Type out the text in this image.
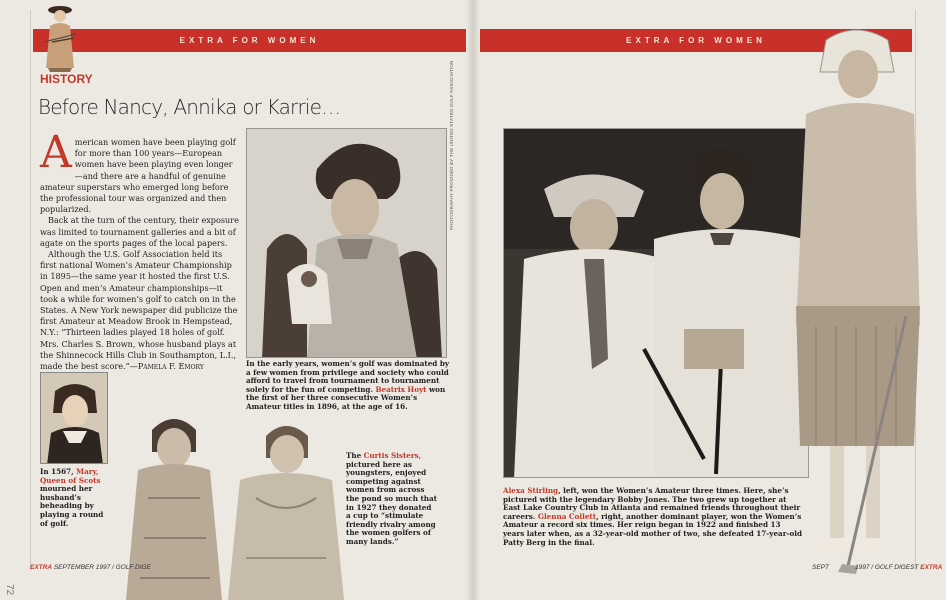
EXTRA FOR WOMEN	EXTRA FOR WOMEN
HISTORY
Before Nancy, Annika or Karrie…

American women have been playing golf for more than 100 years—European women have been playing even longer—and there are a handful of genuine amateur superstars who emerged long before the professional tour was organized and then popularized.

Back at the turn of the century, their exposure was limited to tournament galleries and a bit of agate on the sports pages of the local papers.

Although the U.S. Golf Association held its first national Women’s Amateur Championship in 1895—the same year it hosted the first U.S. Open and men’s Amateur championships—it took a while for women’s golf to catch on in the States. A New York newspaper did publicize the first Amateur at Meadow Brook in Hempstead, N.Y.: “Thirteen ladies played 18 holes of golf. Mrs. Charles S. Brown, whose husband plays at the Shinnecock Hills Club in Southampton, L.I., made the best score.”—Pamela F. Emory

PHOTOGRAPHY PROVIDED BY THE UNITED STATES GOLF ASSOCIATION
In the early years, women’s golf was dominated by a few women from privilege and society who could afford to travel from tournament to tournament solely for the fun of competing. Beatrix Hoyt won the first of her three consecutive Women’s Amateur titles in 1896, at the age of 16.
In 1567, Mary, Queen of Scots mourned her husband’s beheading by playing a round of golf.
The Curtis Sisters, pictured here as youngsters, enjoyed competing against women from across the pond so much that in 1927 they donated a cup to “stimulate friendly rivalry among the women golfers of many lands.”
Alexa Stirling, left, won the Women’s Amateur three times. Here, she’s pictured with the legendary Bobby Jones. The two grew up together at East Lake Country Club in Atlanta and remained friends throughout their careers. Glenna Collett, right, another dominant player, won the Women’s Amateur a record six times. Her reign began in 1922 and finished 13 years later when, as a 32-year-old mother of two, she defeated 17-year-old Patty Berg in the final.
EXTRA SEPTEMBER 1997 / GOLF DIGE	SEPT	1997 / GOLF DIGEST EXTRA
72
